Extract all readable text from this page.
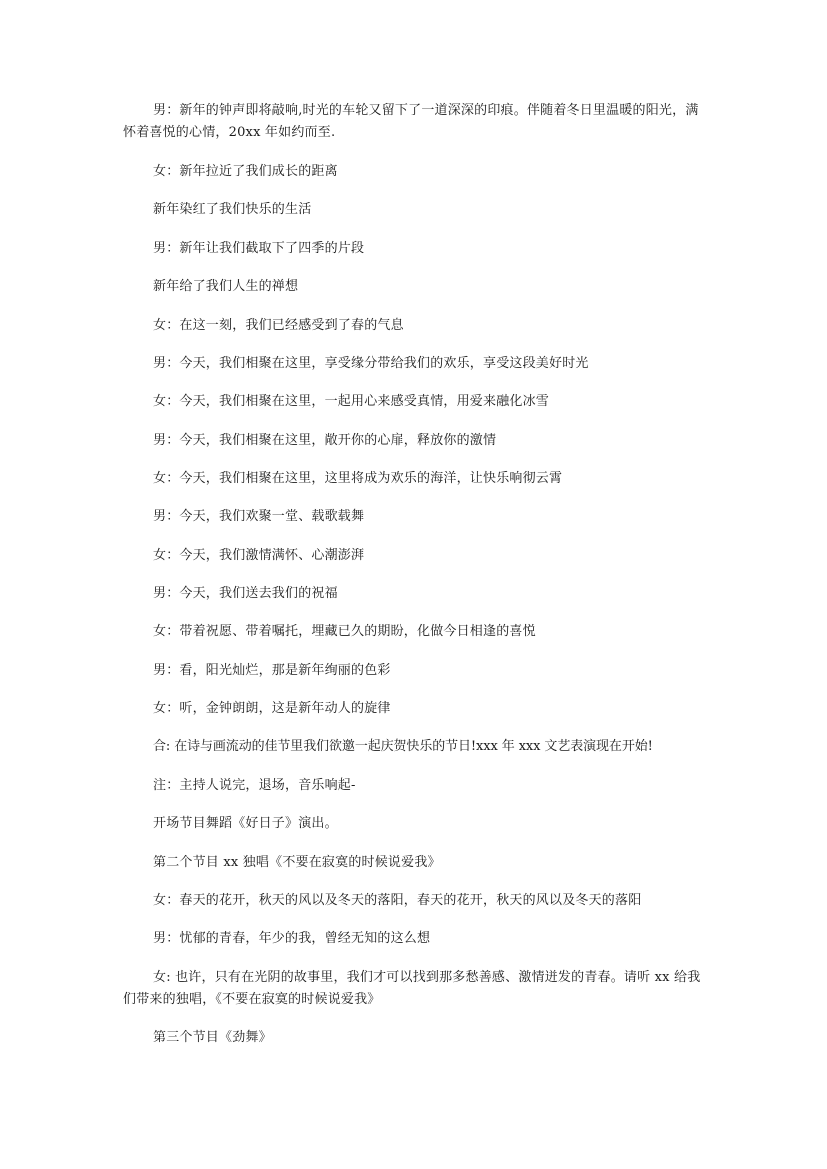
男：新年的钟声即将敲响,时光的车轮又留下了一道深深的印痕。伴随着冬日里温暖的阳光，满怀着喜悦的心情，20xx 年如约而至.

女：新年拉近了我们成长的距离

新年染红了我们快乐的生活

男：新年让我们截取下了四季的片段

新年给了我们人生的禅想

女：在这一刻，我们已经感受到了春的气息

男：今天，我们相聚在这里，享受缘分带给我们的欢乐，享受这段美好时光

女：今天，我们相聚在这里，一起用心来感受真情，用爱来融化冰雪

男：今天，我们相聚在这里，敞开你的心扉，释放你的激情

女：今天，我们相聚在这里，这里将成为欢乐的海洋，让快乐响彻云霄

男：今天，我们欢聚一堂、载歌载舞

女：今天，我们激情满怀、心潮澎湃

男：今天，我们送去我们的祝福

女：带着祝愿、带着嘱托，埋藏已久的期盼，化做今日相逢的喜悦

男：看，阳光灿烂，那是新年绚丽的色彩

女：听，金钟朗朗，这是新年动人的旋律

合: 在诗与画流动的佳节里我们欲邀一起庆贺快乐的节日!xxx 年 xxx 文艺表演现在开始!

注：主持人说完，退场，音乐响起-

开场节目舞蹈《好日子》演出。

第二个节目 xx 独唱《不要在寂寞的时候说爱我》

女：春天的花开，秋天的风以及冬天的落阳，春天的花开，秋天的风以及冬天的落阳

男：忧郁的青春，年少的我，曾经无知的这么想

女: 也许，只有在光阴的故事里，我们才可以找到那多愁善感、激情迸发的青春。请听 xx 给我们带来的独唱，《不要在寂寞的时候说爱我》

第三个节目《劲舞》
